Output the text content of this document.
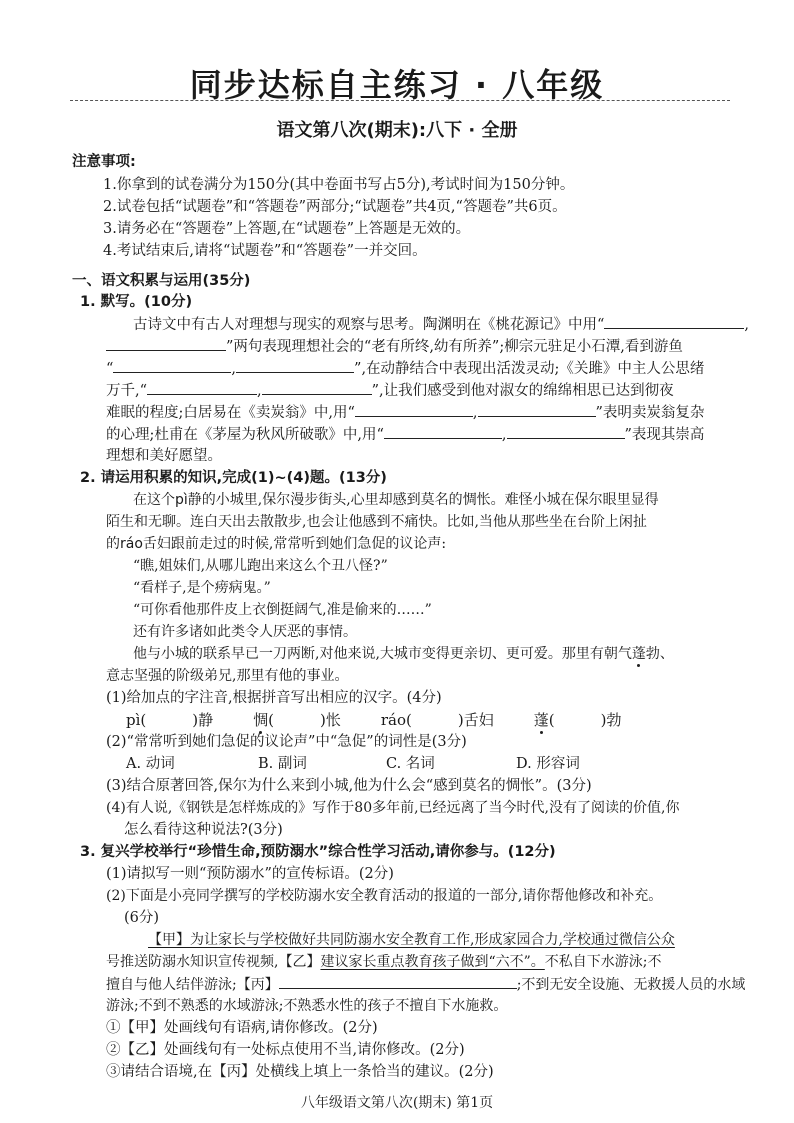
同步达标自主练习 · 八年级
语文第八次(期末):八下 · 全册
注意事项:
1.你拿到的试卷满分为150分(其中卷面书写占5分),考试时间为150分钟。
2.试卷包括“试题卷”和“答题卷”两部分;“试题卷”共4页,“答题卷”共6页。
3.请务必在“答题卷”上答题,在“试题卷”上答题是无效的。
4.考试结束后,请将“试题卷”和“答题卷”一并交回。
一、语文积累与运用(35分)
1. 默写。(10分)
古诗文中有古人对理想与现实的观察与思考。陶渊明在《桃花源记》中用“	,
”两句表现理想社会的“老有所终,幼有所养”;柳宗元驻足小石潭,看到游鱼
“	,	”,在动静结合中表现出活泼灵动;《关雎》中主人公思绪
万千,“	,	”,让我们感受到他对淑女的绵绵相思已达到彻夜
难眠的程度;白居易在《卖炭翁》中,用“	,	”表明卖炭翁复杂
的心理;杜甫在《茅屋为秋风所破歌》中,用“	,	”表现其崇高
理想和美好愿望。
2. 请运用积累的知识,完成(1)~(4)题。(13分)
在这个pì静的小城里,保尔漫步街头,心里却感到莫名的惆怅。难怪小城在保尔眼里显得
陌生和无聊。连白天出去散散步,也会让他感到不痛快。比如,当他从那些坐在台阶上闲扯
的ráo舌妇跟前走过的时候,常常听到她们急促的议论声:
“瞧,姐妹们,从哪儿跑出来这么个丑八怪?”
“看样子,是个痨病鬼。”
“可你看他那件皮上衣倒挺阔气,准是偷来的……”
还有许多诸如此类令人厌恶的事情。
他与小城的联系早已一刀两断,对他来说,大城市变得更亲切、更可爱。那里有朝气蓬勃、
意志坚强的阶级弟兄,那里有他的事业。
(1)给加点的字注音,根据拼音写出相应的汉字。(4分)
pì(	)静	惆(	)怅	ráo(	)舌妇	蓬(	)勃
(2)“常常听到她们急促的议论声”中“急促”的词性是(3分)
A. 动词	B. 副词	C. 名词	D. 形容词
(3)结合原著回答,保尔为什么来到小城,他为什么会“感到莫名的惆怅”。(3分)
(4)有人说,《钢铁是怎样炼成的》写作于80多年前,已经远离了当今时代,没有了阅读的价值,你
怎么看待这种说法?(3分)
3. 复兴学校举行“珍惜生命,预防溺水”综合性学习活动,请你参与。(12分)
(1)请拟写一则“预防溺水”的宣传标语。(2分)
(2)下面是小亮同学撰写的学校防溺水安全教育活动的报道的一部分,请你帮他修改和补充。
(6分)
【甲】为让家长与学校做好共同防溺水安全教育工作,形成家园合力,学校通过微信公众
号推送防溺水知识宣传视频,【乙】建议家长重点教育孩子做到“六不”。不私自下水游泳;不
擅自与他人结伴游泳;【丙】	;不到无安全设施、无救援人员的水域
游泳;不到不熟悉的水域游泳;不熟悉水性的孩子不擅自下水施救。
①【甲】处画线句有语病,请你修改。(2分)
②【乙】处画线句有一处标点使用不当,请你修改。(2分)
③请结合语境,在【丙】处横线上填上一条恰当的建议。(2分)
八年级语文第八次(期末) 第1页
